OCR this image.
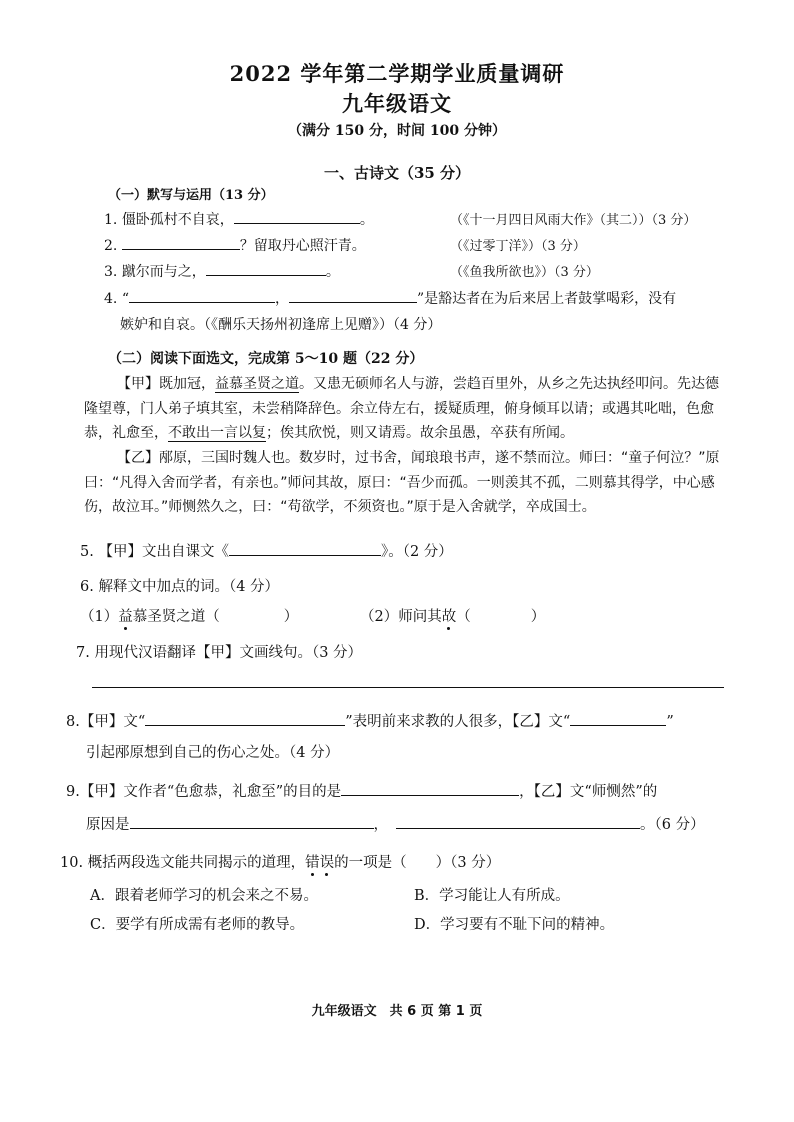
2022 学年第二学期学业质量调研
九年级语文
（满分 150 分，时间 100 分钟）
一、古诗文（35 分）
（一）默写与运用（13 分）
1. 僵卧孤村不自哀，	。	（《十一月四日风雨大作》（其二））（3 分）
2.	？留取丹心照汗青。	（《过零丁洋》）（3 分）
3. 蹴尔而与之，	。	（《鱼我所欲也》）（3 分）
4. “	，	”是豁达者在为后来居上者鼓掌喝彩，没有
嫉妒和自哀。（《酬乐天扬州初逢席上见赠》）（4 分）
（二）阅读下面选文，完成第 5～10 题（22 分）
【甲】既加冠，益慕圣贤之道。又患无硕师名人与游，尝趋百里外，从乡之先达执经叩问。先达德隆望尊，门人弟子填其室，未尝稍降辞色。余立侍左右，援疑质理，俯身倾耳以请；或遇其叱咄，色愈恭，礼愈至，不敢出一言以复；俟其欣悦，则又请焉。故余虽愚，卒获有所闻。
【乙】邴原，三国时魏人也。数岁时，过书舍，闻琅琅书声，遂不禁而泣。师曰：“童子何泣？”原曰：“凡得入舍而学者，有亲也。”师问其故，原曰：“吾少而孤。一则羡其不孤，二则慕其得学，中心感伤，故泣耳。”师恻然久之，曰：“苟欲学，不须资也。”原于是入舍就学，卒成国士。
5. 【甲】文出自课文《	》。（2 分）
6. 解释文中加点的词。（4 分）
（1）益慕圣贤之道（	）	（2）师问其故（	）
7. 用现代汉语翻译【甲】文画线句。（3 分）
8.【甲】文“	”表明前来求教的人很多，【乙】文“	”
引起邴原想到自己的伤心之处。（4 分）
9.【甲】文作者“色愈恭，礼愈至”的目的是	，【乙】文“师恻然”的
原因是	，	。（6 分）
10. 概括两段选文能共同揭示的道理，错误的一项是（　　）（3 分）
A．跟着老师学习的机会来之不易。	B．学习能让人有所成。
C．要学有所成需有老师的教导。	D．学习要有不耻下问的精神。
九年级语文　共 6 页 第 1 页
